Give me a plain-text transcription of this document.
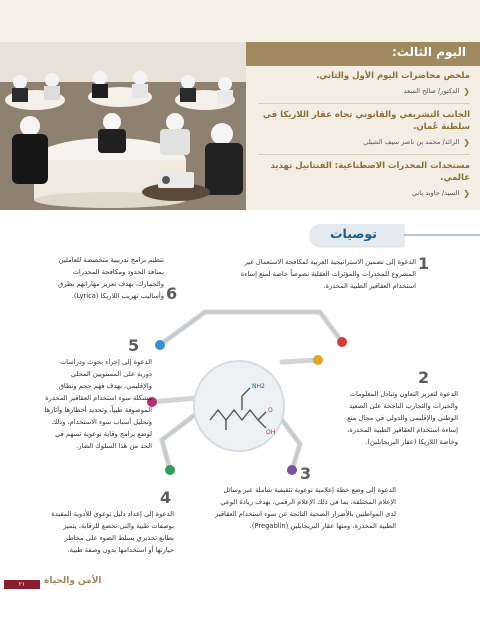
اليوم الثالث:
ملخص محاضرات اليوم الأول والثاني.
❮
الدكتور/ صالح السعد
الجانب التشريعي والقانوني تجاه عقار اللاريكا في سلطنة عُمان.
❮
الرائد/ محمد بن ناصر سيف الشبلي
مستجدات المخدرات الاصطناعية: الفنتانيل تهديد عالمي.
❮
السيد/ جاويد باني
توصيات
NH2
O
OH
1
الدعوة إلى تضمين الاستراتيجية العربية لمكافحة الاستعمال غير المشروع للمخدرات والمؤثرات العقلية نصوصاً خاصة لمنع إساءة استخدام العقاقير الطبية المخدرة.
6
تنظيم برامج تدريبية متخصصة للعاملين بمنافذ الحدود ومكافحة المخدرات والجمارك، بهدف تعزيز مهاراتهم بطرق وأساليب تهريب اللاريكا (Lyrica).
5
الدعوة إلى إجراء بحوث ودراسات دورية على المستويين المحلي والإقليمي، بهدف فهم حجم ونطاق مشكلة سوء استخدام العقاقير المخدرة الموصوفة طبياً، وتحديد أخطارها وآثارها وتحليل أسباب سوء الاستخدام، وذلك لوضع برامج وقاية توعوية تسهم في الحد من هذا السلوك الضار.
2
الدعوة لتعزيز التعاون وتبادل المعلومات والخبرات والتجارب الناجحة على الصعيد الوطني والإقليمي والدولي في مجال منع إساءة استخدام العقاقير الطبية المخدرة، وخاصة اللاريكا (عقار البريجابلين).
3
الدعوة إلى وضع خطة إعلامية توعوية تثقيفية شاملة عبر وسائل الإعلام المختلفة، بما في ذلك الإعلام الرقمي، بهدف زيادة الوعي لدى المواطنين بالأضرار الصحية الناتجة عن سوء استخدام العقاقير الطبية المخدرة، ومنها عقار البريجابلين (Pregablin).
4
الدعوة إلى إعداد دليل توعوي للأدوية المقيدة بوصفات طبية والتي تخضع للرقابة، يتميز بطابع تحذيري يسلط الضوء على مخاطر حيازتها أو استخدامها بدون وصفة طبية.
٢١	الأمن والحياة
